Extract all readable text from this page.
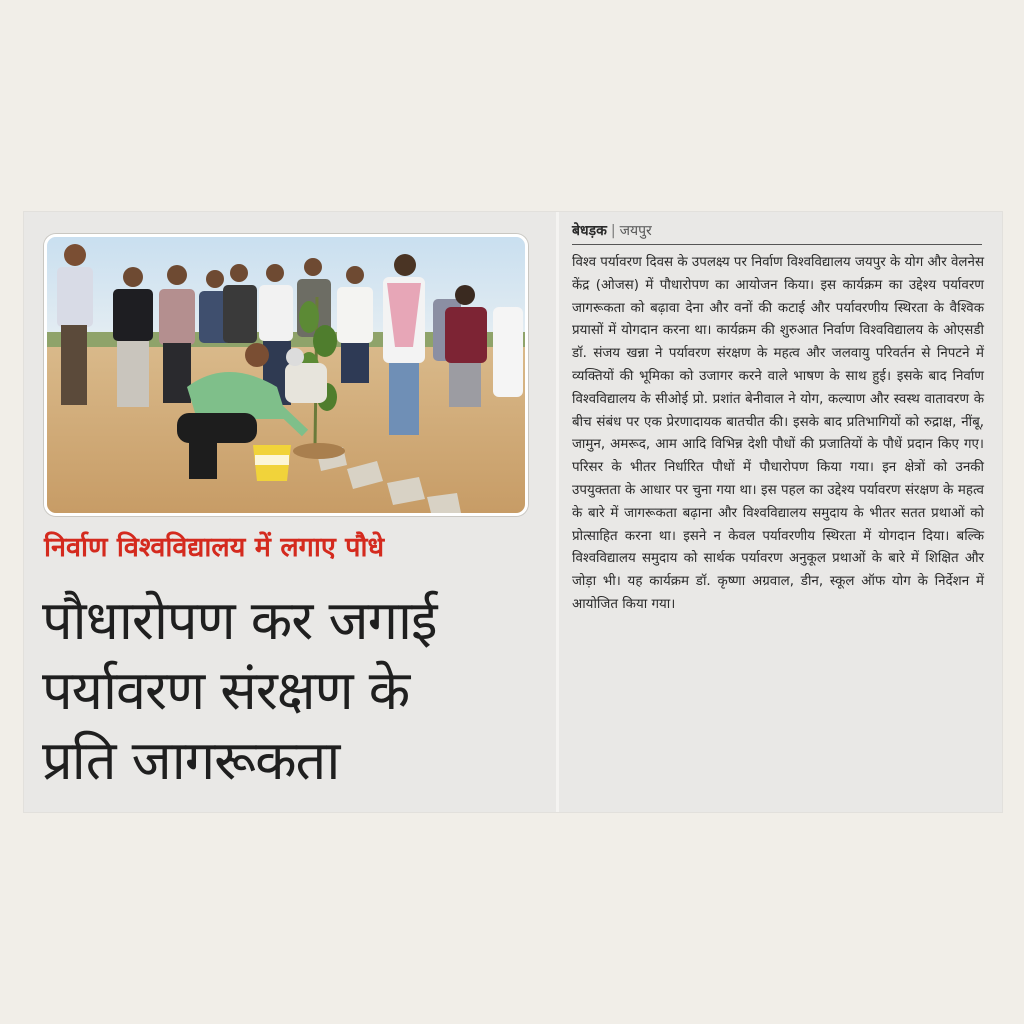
निर्वाण विश्वविद्यालय में लगाए पौधे
पौधारोपण कर जगाई
पर्यावरण संरक्षण के
प्रति जागरूकता
बेधड़क | जयपुर

विश्व पर्यावरण दिवस के उपलक्ष्य पर निर्वाण विश्वविद्यालय जयपुर के योग और वेलनेस केंद्र (ओजस) में पौधारोपण का आयोजन किया। इस कार्यक्रम का उद्देश्य पर्यावरण जागरूकता को बढ़ावा देना और वनों की कटाई और पर्यावरणीय स्थिरता के वैश्विक प्रयासों में योगदान करना था। कार्यक्रम की शुरुआत निर्वाण विश्वविद्यालय के ओएसडी डॉ. संजय खन्ना ने पर्यावरण संरक्षण के महत्व और जलवायु परिवर्तन से निपटने में व्यक्तियों की भूमिका को उजागर करने वाले भाषण के साथ हुई। इसके बाद निर्वाण विश्वविद्यालय के सीओई प्रो. प्रशांत बेनीवाल ने योग, कल्याण और स्वस्थ वातावरण के बीच संबंध पर एक प्रेरणादायक बातचीत की। इसके बाद प्रतिभागियों को रुद्राक्ष, नींबू, जामुन, अमरूद, आम आदि विभिन्न देशी पौधों की प्रजातियों के पौधें प्रदान किए गए। परिसर के भीतर निर्धारित पौधों में पौधारोपण किया गया। इन क्षेत्रों को उनकी उपयुक्तता के आधार पर चुना गया था। इस पहल का उद्देश्य पर्यावरण संरक्षण के महत्व के बारे में जागरूकता बढ़ाना और विश्वविद्यालय समुदाय के भीतर सतत प्रथाओं को प्रोत्साहित करना था। इसने न केवल पर्यावरणीय स्थिरता में योगदान दिया। बल्कि विश्वविद्यालय समुदाय को सार्थक पर्यावरण अनुकूल प्रथाओं के बारे में शिक्षित और जोड़ा भी। यह कार्यक्रम डॉ. कृष्णा अग्रवाल, डीन, स्कूल ऑफ योग के निर्देशन में आयोजित किया गया।
